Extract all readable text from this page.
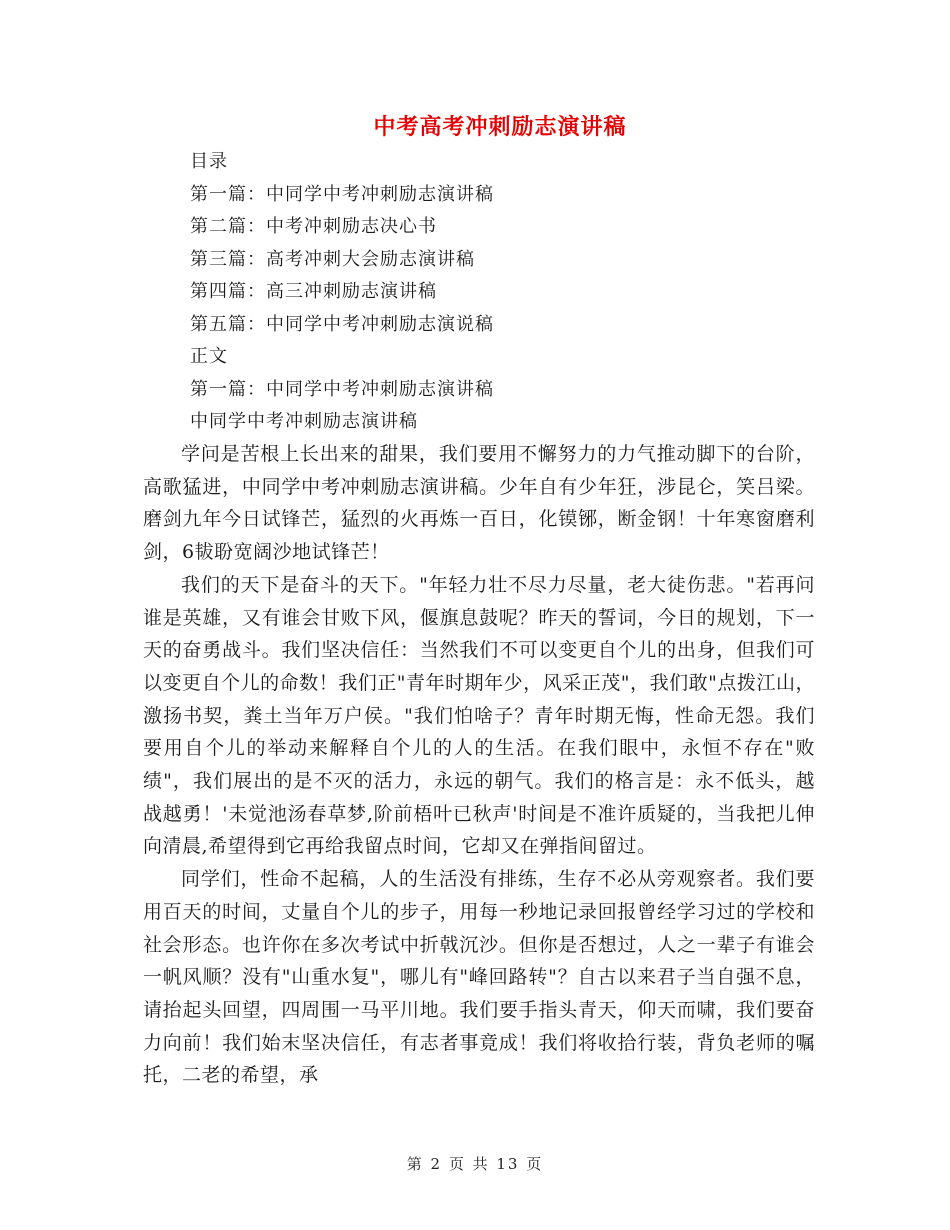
中考高考冲刺励志演讲稿
目录
第一篇：中同学中考冲刺励志演讲稿
第二篇：中考冲刺励志决心书
第三篇：高考冲刺大会励志演讲稿
第四篇：高三冲刺励志演讲稿
第五篇：中同学中考冲刺励志演说稿
正文
第一篇：中同学中考冲刺励志演讲稿
中同学中考冲刺励志演讲稿

学问是苦根上长出来的甜果，我们要用不懈努力的力气推动脚下的台阶，高歌猛进，中同学中考冲刺励志演讲稿。少年自有少年狂，涉昆仑，笑吕梁。磨剑九年今日试锋芒，猛烈的火再炼一百日，化镆铘，断金钢！十年寒窗磨利剑，6韨聁宽阔沙地试锋芒！

我们的天下是奋斗的天下。"年轻力壮不尽力尽量，老大徒伤悲。"若再问谁是英雄，又有谁会甘败下风，偃旗息鼓呢？昨天的誓词，今日的规划，下一天的奋勇战斗。我们坚决信任：当然我们不可以变更自个儿的出身，但我们可以变更自个儿的命数！我们正"青年时期年少，风采正茂"，我们敢"点拨江山，激扬书契，粪土当年万户侯。"我们怕啥子？青年时期无悔，性命无怨。我们要用自个儿的举动来解释自个儿的人的生活。在我们眼中，永恒不存在"败绩"，我们展出的是不灭的活力，永远的朝气。我们的格言是：永不低头，越战越勇！'未觉池汤春草梦,阶前梧叶已秋声'时间是不准许质疑的，当我把儿伸向清晨,希望得到它再给我留点时间，它却又在弹指间留过。

同学们，性命不起稿，人的生活没有排练，生存不必从旁观察者。我们要用百天的时间，丈量自个儿的步子，用每一秒地记录回报曾经学习过的学校和社会形态。也许你在多次考试中折戟沉沙。但你是否想过，人之一辈子有谁会一帆风顺？没有"山重水复"，哪儿有"峰回路转"？自古以来君子当自强不息，请抬起头回望，四周围一马平川地。我们要手指头青天，仰天而啸，我们要奋力向前！我们始末坚决信任，有志者事竟成！我们将收拾行装，背负老师的嘱托，二老的希望，承

第 2 页 共 13 页
